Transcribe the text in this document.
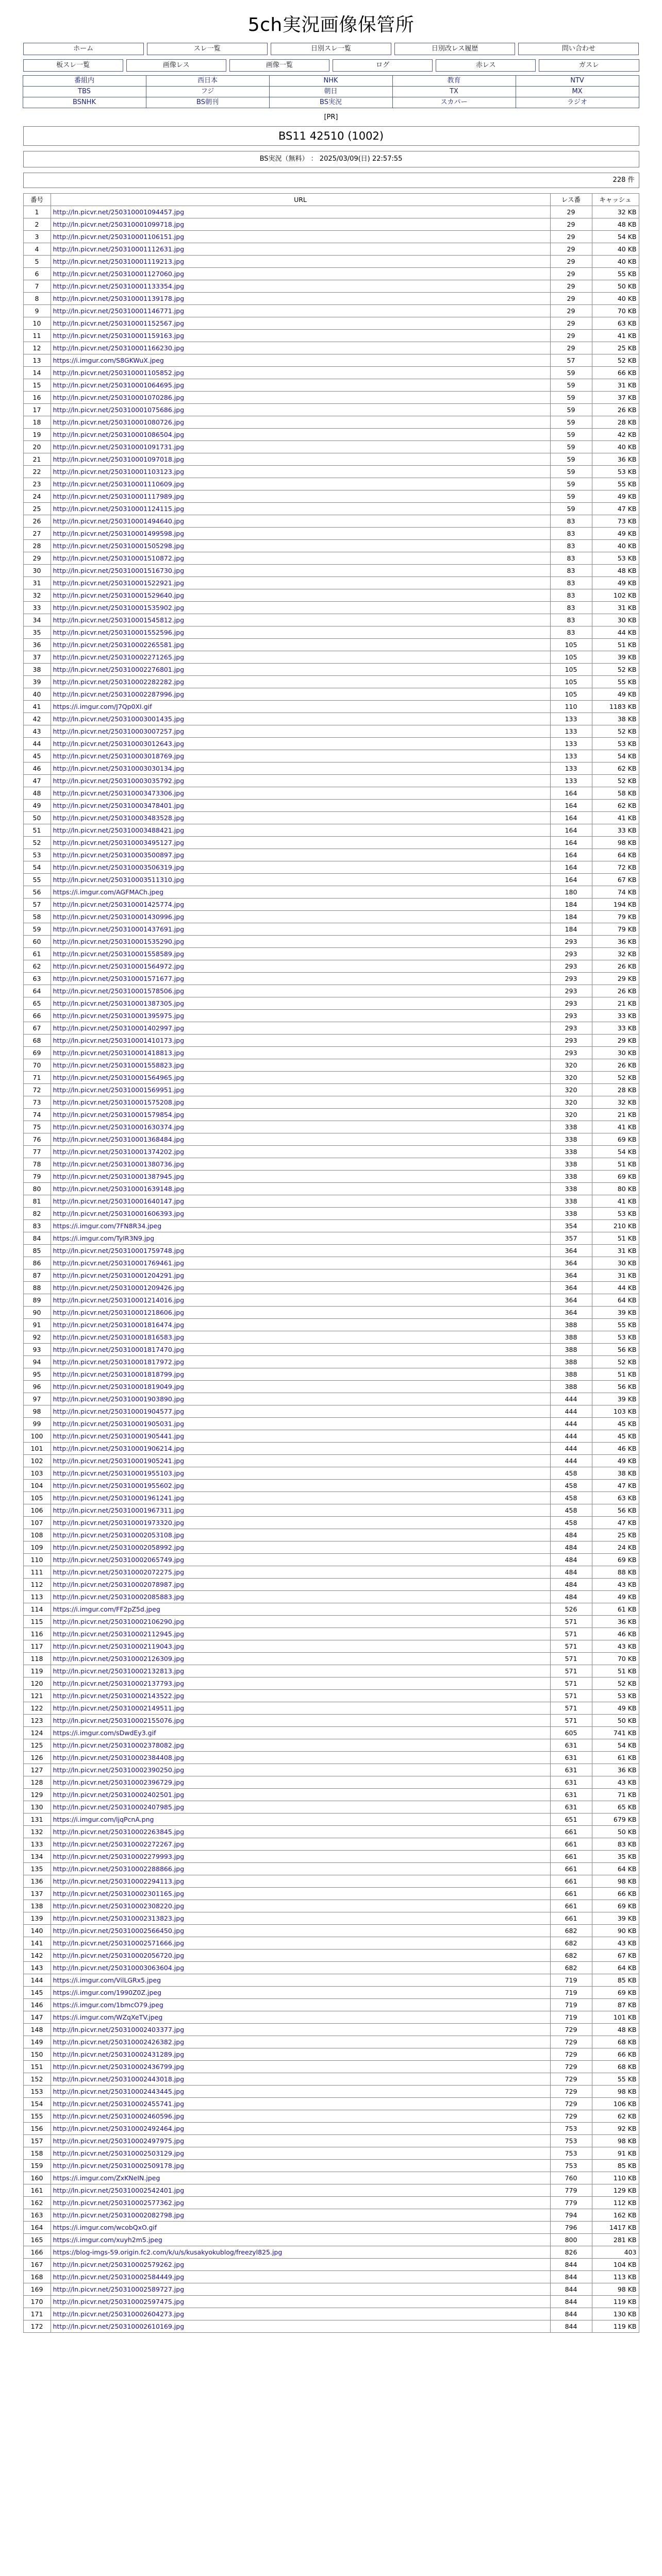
5ch実況画像保管所
ホーム	スレ一覧	日別スレ一覧	日別改レス履歴	問い合わせ
板スレ一覧	画像レス	画像一覧	ログ	赤レス	ガスレ
番組内	西日本	NHK	教育	NTV
TBS	フジ	朝日	TX	MX
BSNHK	BS朝刊	BS実況	スカパー	ラジオ
[PR]
BS11 42510 (1002)
BS実況（無料） ： 2025/03/09(日) 22:57:55
228 件
番号	URL	レス番	キャッシュ
1	http://ln.picvr.net/250310001094457.jpg	29	32 KB
2	http://ln.picvr.net/250310001099718.jpg	29	48 KB
3	http://ln.picvr.net/250310001106151.jpg	29	54 KB
4	http://ln.picvr.net/250310001112631.jpg	29	40 KB
5	http://ln.picvr.net/250310001119213.jpg	29	40 KB
6	http://ln.picvr.net/250310001127060.jpg	29	55 KB
7	http://ln.picvr.net/250310001133354.jpg	29	50 KB
8	http://ln.picvr.net/250310001139178.jpg	29	40 KB
9	http://ln.picvr.net/250310001146771.jpg	29	70 KB
10	http://ln.picvr.net/250310001152567.jpg	29	63 KB
11	http://ln.picvr.net/250310001159163.jpg	29	41 KB
12	http://ln.picvr.net/250310001166230.jpg	29	25 KB
13	https://i.imgur.com/S8GKWuX.jpeg	57	52 KB
14	http://ln.picvr.net/250310001105852.jpg	59	66 KB
15	http://ln.picvr.net/250310001064695.jpg	59	31 KB
16	http://ln.picvr.net/250310001070286.jpg	59	37 KB
17	http://ln.picvr.net/250310001075686.jpg	59	26 KB
18	http://ln.picvr.net/250310001080726.jpg	59	28 KB
19	http://ln.picvr.net/250310001086504.jpg	59	42 KB
20	http://ln.picvr.net/250310001091731.jpg	59	40 KB
21	http://ln.picvr.net/250310001097018.jpg	59	36 KB
22	http://ln.picvr.net/250310001103123.jpg	59	53 KB
23	http://ln.picvr.net/250310001110609.jpg	59	55 KB
24	http://ln.picvr.net/250310001117989.jpg	59	49 KB
25	http://ln.picvr.net/250310001124115.jpg	59	47 KB
26	http://ln.picvr.net/250310001494640.jpg	83	73 KB
27	http://ln.picvr.net/250310001499598.jpg	83	49 KB
28	http://ln.picvr.net/250310001505298.jpg	83	40 KB
29	http://ln.picvr.net/250310001510872.jpg	83	53 KB
30	http://ln.picvr.net/250310001516730.jpg	83	48 KB
31	http://ln.picvr.net/250310001522921.jpg	83	49 KB
32	http://ln.picvr.net/250310001529640.jpg	83	102 KB
33	http://ln.picvr.net/250310001535902.jpg	83	31 KB
34	http://ln.picvr.net/250310001545812.jpg	83	30 KB
35	http://ln.picvr.net/250310001552596.jpg	83	44 KB
36	http://ln.picvr.net/250310002265581.jpg	105	51 KB
37	http://ln.picvr.net/250310002271265.jpg	105	39 KB
38	http://ln.picvr.net/250310002276801.jpg	105	52 KB
39	http://ln.picvr.net/250310002282282.jpg	105	55 KB
40	http://ln.picvr.net/250310002287996.jpg	105	49 KB
41	https://i.imgur.com/J7Qp0XI.gif	110	1183 KB
42	http://ln.picvr.net/250310003001435.jpg	133	38 KB
43	http://ln.picvr.net/250310003007257.jpg	133	52 KB
44	http://ln.picvr.net/250310003012643.jpg	133	53 KB
45	http://ln.picvr.net/250310003018769.jpg	133	54 KB
46	http://ln.picvr.net/250310003030134.jpg	133	62 KB
47	http://ln.picvr.net/250310003035792.jpg	133	52 KB
48	http://ln.picvr.net/250310003473306.jpg	164	58 KB
49	http://ln.picvr.net/250310003478401.jpg	164	62 KB
50	http://ln.picvr.net/250310003483528.jpg	164	41 KB
51	http://ln.picvr.net/250310003488421.jpg	164	33 KB
52	http://ln.picvr.net/250310003495127.jpg	164	98 KB
53	http://ln.picvr.net/250310003500897.jpg	164	64 KB
54	http://ln.picvr.net/250310003506319.jpg	164	72 KB
55	http://ln.picvr.net/250310003511310.jpg	164	67 KB
56	https://i.imgur.com/AGFMACh.jpeg	180	74 KB
57	http://ln.picvr.net/250310001425774.jpg	184	194 KB
58	http://ln.picvr.net/250310001430996.jpg	184	79 KB
59	http://ln.picvr.net/250310001437691.jpg	184	79 KB
60	http://ln.picvr.net/250310001535290.jpg	293	36 KB
61	http://ln.picvr.net/250310001558589.jpg	293	32 KB
62	http://ln.picvr.net/250310001564972.jpg	293	26 KB
63	http://ln.picvr.net/250310001571677.jpg	293	29 KB
64	http://ln.picvr.net/250310001578506.jpg	293	26 KB
65	http://ln.picvr.net/250310001387305.jpg	293	21 KB
66	http://ln.picvr.net/250310001395975.jpg	293	33 KB
67	http://ln.picvr.net/250310001402997.jpg	293	33 KB
68	http://ln.picvr.net/250310001410173.jpg	293	29 KB
69	http://ln.picvr.net/250310001418813.jpg	293	30 KB
70	http://ln.picvr.net/250310001558823.jpg	320	26 KB
71	http://ln.picvr.net/250310001564965.jpg	320	52 KB
72	http://ln.picvr.net/250310001569951.jpg	320	28 KB
73	http://ln.picvr.net/250310001575208.jpg	320	32 KB
74	http://ln.picvr.net/250310001579854.jpg	320	21 KB
75	http://ln.picvr.net/250310001630374.jpg	338	41 KB
76	http://ln.picvr.net/250310001368484.jpg	338	69 KB
77	http://ln.picvr.net/250310001374202.jpg	338	54 KB
78	http://ln.picvr.net/250310001380736.jpg	338	51 KB
79	http://ln.picvr.net/250310001387945.jpg	338	69 KB
80	http://ln.picvr.net/250310001639148.jpg	338	80 KB
81	http://ln.picvr.net/250310001640147.jpg	338	41 KB
82	http://ln.picvr.net/250310001606393.jpg	338	53 KB
83	https://i.imgur.com/7FN8R34.jpeg	354	210 KB
84	https://i.imgur.com/TyIR3N9.jpg	357	51 KB
85	http://ln.picvr.net/250310001759748.jpg	364	31 KB
86	http://ln.picvr.net/250310001769461.jpg	364	30 KB
87	http://ln.picvr.net/250310001204291.jpg	364	31 KB
88	http://ln.picvr.net/250310001209426.jpg	364	44 KB
89	http://ln.picvr.net/250310001214016.jpg	364	64 KB
90	http://ln.picvr.net/250310001218606.jpg	364	39 KB
91	http://ln.picvr.net/250310001816474.jpg	388	55 KB
92	http://ln.picvr.net/250310001816583.jpg	388	53 KB
93	http://ln.picvr.net/250310001817470.jpg	388	56 KB
94	http://ln.picvr.net/250310001817972.jpg	388	52 KB
95	http://ln.picvr.net/250310001818799.jpg	388	51 KB
96	http://ln.picvr.net/250310001819049.jpg	388	56 KB
97	http://ln.picvr.net/250310001903890.jpg	444	39 KB
98	http://ln.picvr.net/250310001904577.jpg	444	103 KB
99	http://ln.picvr.net/250310001905031.jpg	444	45 KB
100	http://ln.picvr.net/250310001905441.jpg	444	45 KB
101	http://ln.picvr.net/250310001906214.jpg	444	46 KB
102	http://ln.picvr.net/250310001905241.jpg	444	49 KB
103	http://ln.picvr.net/250310001955103.jpg	458	38 KB
104	http://ln.picvr.net/250310001955602.jpg	458	47 KB
105	http://ln.picvr.net/250310001961241.jpg	458	63 KB
106	http://ln.picvr.net/250310001967311.jpg	458	56 KB
107	http://ln.picvr.net/250310001973320.jpg	458	47 KB
108	http://ln.picvr.net/250310002053108.jpg	484	25 KB
109	http://ln.picvr.net/250310002058992.jpg	484	24 KB
110	http://ln.picvr.net/250310002065749.jpg	484	69 KB
111	http://ln.picvr.net/250310002072275.jpg	484	88 KB
112	http://ln.picvr.net/250310002078987.jpg	484	43 KB
113	http://ln.picvr.net/250310002085883.jpg	484	49 KB
114	https://i.imgur.com/FF2pZ5d.jpeg	526	61 KB
115	http://ln.picvr.net/250310002106290.jpg	571	36 KB
116	http://ln.picvr.net/250310002112945.jpg	571	46 KB
117	http://ln.picvr.net/250310002119043.jpg	571	43 KB
118	http://ln.picvr.net/250310002126309.jpg	571	70 KB
119	http://ln.picvr.net/250310002132813.jpg	571	51 KB
120	http://ln.picvr.net/250310002137793.jpg	571	52 KB
121	http://ln.picvr.net/250310002143522.jpg	571	53 KB
122	http://ln.picvr.net/250310002149511.jpg	571	49 KB
123	http://ln.picvr.net/250310002155076.jpg	571	50 KB
124	https://i.imgur.com/sDwdEy3.gif	605	741 KB
125	http://ln.picvr.net/250310002378082.jpg	631	54 KB
126	http://ln.picvr.net/250310002384408.jpg	631	61 KB
127	http://ln.picvr.net/250310002390250.jpg	631	36 KB
128	http://ln.picvr.net/250310002396729.jpg	631	43 KB
129	http://ln.picvr.net/250310002402501.jpg	631	71 KB
130	http://ln.picvr.net/250310002407985.jpg	631	65 KB
131	https://i.imgur.com/ljqPcnA.png	651	679 KB
132	http://ln.picvr.net/250310002263845.jpg	661	50 KB
133	http://ln.picvr.net/250310002272267.jpg	661	83 KB
134	http://ln.picvr.net/250310002279993.jpg	661	35 KB
135	http://ln.picvr.net/250310002288866.jpg	661	64 KB
136	http://ln.picvr.net/250310002294113.jpg	661	98 KB
137	http://ln.picvr.net/250310002301165.jpg	661	66 KB
138	http://ln.picvr.net/250310002308220.jpg	661	69 KB
139	http://ln.picvr.net/250310002313823.jpg	661	39 KB
140	http://ln.picvr.net/250310002566450.jpg	682	90 KB
141	http://ln.picvr.net/250310002571666.jpg	682	43 KB
142	http://ln.picvr.net/250310002056720.jpg	682	67 KB
143	http://ln.picvr.net/250310003063604.jpg	682	64 KB
144	https://i.imgur.com/VilLGRx5.jpeg	719	85 KB
145	https://i.imgur.com/1990Z0Z.jpeg	719	69 KB
146	https://i.imgur.com/1bmcO79.jpeg	719	87 KB
147	https://i.imgur.com/WZqXeTV.jpeg	719	101 KB
148	http://ln.picvr.net/250310002403377.jpg	729	48 KB
149	http://ln.picvr.net/250310002426382.jpg	729	68 KB
150	http://ln.picvr.net/250310002431289.jpg	729	66 KB
151	http://ln.picvr.net/250310002436799.jpg	729	68 KB
152	http://ln.picvr.net/250310002443018.jpg	729	55 KB
153	http://ln.picvr.net/250310002443445.jpg	729	98 KB
154	http://ln.picvr.net/250310002455741.jpg	729	106 KB
155	http://ln.picvr.net/250310002460596.jpg	729	62 KB
156	http://ln.picvr.net/250310002492464.jpg	753	92 KB
157	http://ln.picvr.net/250310002497975.jpg	753	98 KB
158	http://ln.picvr.net/250310002503129.jpg	753	91 KB
159	http://ln.picvr.net/250310002509178.jpg	753	85 KB
160	https://i.imgur.com/ZxKNeIN.jpeg	760	110 KB
161	http://ln.picvr.net/250310002542401.jpg	779	129 KB
162	http://ln.picvr.net/250310002577362.jpg	779	112 KB
163	http://ln.picvr.net/250310002082798.jpg	794	162 KB
164	https://i.imgur.com/wcobQxO.gif	796	1417 KB
165	https://i.imgur.com/xuyh2m5.jpeg	800	281 KB
166	https://blog-imgs-59.origin.fc2.com/k/u/s/kusakyokublog/freezyl825.jpg	826	403
167	http://ln.picvr.net/250310002579262.jpg	844	104 KB
168	http://ln.picvr.net/250310002584449.jpg	844	113 KB
169	http://ln.picvr.net/250310002589727.jpg	844	98 KB
170	http://ln.picvr.net/250310002597475.jpg	844	119 KB
171	http://ln.picvr.net/250310002604273.jpg	844	130 KB
172	http://ln.picvr.net/250310002610169.jpg	844	119 KB
